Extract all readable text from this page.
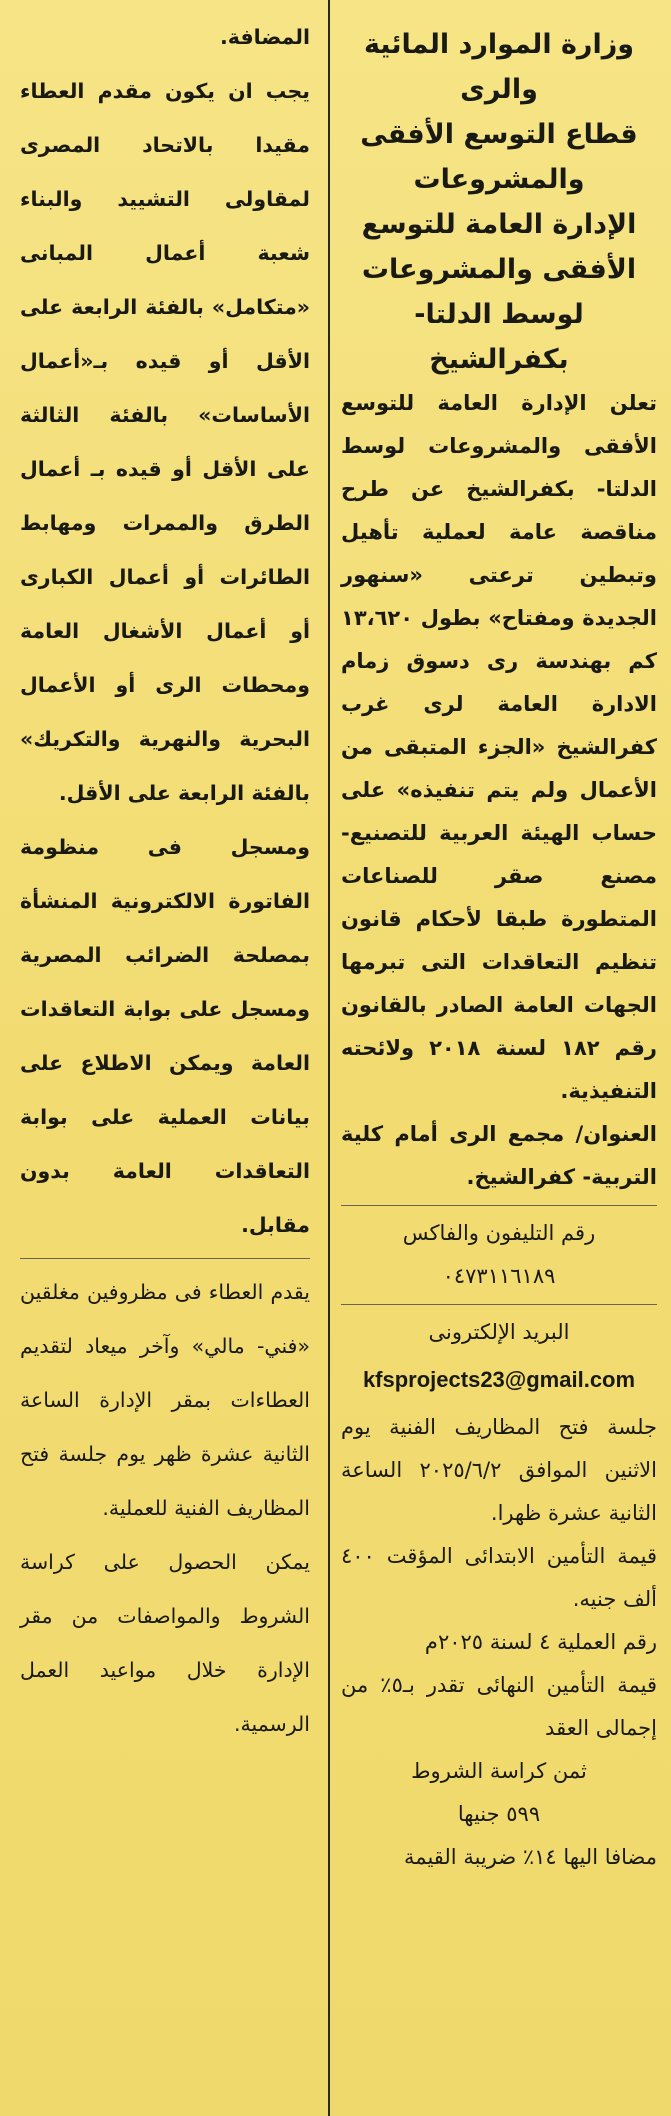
وزارة الموارد المائية والرى

قطاع التوسع الأفقى

والمشروعات

الإدارة العامة للتوسع

الأفقى والمشروعات

لوسط الدلتا- بكفرالشيخ

تعلن الإدارة العامة للتوسع الأفقى والمشروعات لوسط الدلتا- بكفرالشيخ عن طرح مناقصة عامة لعملية تأهيل وتبطين ترعتى «سنهور الجديدة ومفتاح» بطول ١٣،٦٢٠ كم بهندسة رى دسوق زمام الادارة العامة لرى غرب كفرالشيخ «الجزء المتبقى من الأعمال ولم يتم تنفيذه» على حساب الهيئة العربية للتصنيع- مصنع صقر للصناعات المتطورة طبقا لأحكام قانون تنظيم التعاقدات التى تبرمها الجهات العامة الصادر بالقانون رقم ١٨٢ لسنة ٢٠١٨ ولائحته التنفيذية.

العنوان/ مجمع الرى أمام كلية التربية- كفرالشيخ.

رقم التليفون والفاكس

٠٤٧٣١١٦١٨٩

البريد الإلكترونى

kfsprojects23@gmail.com

جلسة فتح المظاريف الفنية يوم الاثنين الموافق ٢٠٢٥/٦/٢ الساعة الثانية عشرة ظهرا.

قيمة التأمين الابتدائى المؤقت ٤٠٠ ألف جنيه.

رقم العملية ٤ لسنة ٢٠٢٥م

قيمة التأمين النهائى تقدر بـ٥٪ من إجمالى العقد

ثمن كراسة الشروط

٥٩٩ جنيها

مضافا اليها ١٤٪ ضريبة القيمة

المضافة.

يجب ان يكون مقدم العطاء مقيدا بالاتحاد المصرى لمقاولى التشييد والبناء شعبة أعمال المبانى «متكامل» بالفئة الرابعة على الأقل أو قيده بـ«أعمال الأساسات» بالفئة الثالثة على الأقل أو قيده بـ أعمال الطرق والممرات ومهابط الطائرات أو أعمال الكبارى أو أعمال الأشغال العامة ومحطات الرى أو الأعمال البحرية والنهرية والتكريك» بالفئة الرابعة على الأقل.

ومسجل فى منظومة الفاتورة الالكترونية المنشأة بمصلحة الضرائب المصرية ومسجل على بوابة التعاقدات العامة ويمكن الاطلاع على بيانات العملية على بوابة التعاقدات العامة بدون مقابل.

يقدم العطاء فى مظروفين مغلقين «فني- مالي» وآخر ميعاد لتقديم العطاءات بمقر الإدارة الساعة الثانية عشرة ظهر يوم جلسة فتح المظاريف الفنية للعملية.

يمكن الحصول على كراسة الشروط والمواصفات من مقر الإدارة خلال مواعيد العمل الرسمية.
